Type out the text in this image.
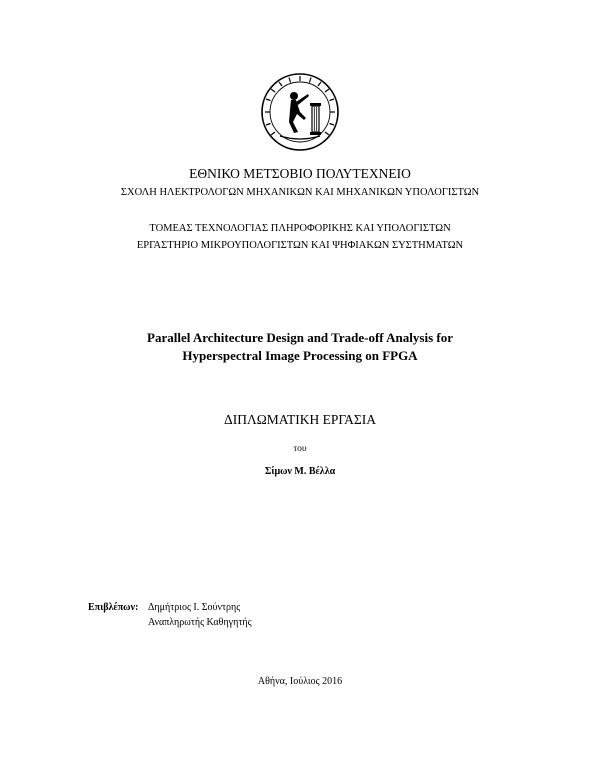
ΕΘΝΙΚΟ ΜΕΤΣΟΒΙΟ ΠΟΛΥΤΕΧΝΕΙΟ
ΣΧΟΛΗ ΗΛΕΚΤΡΟΛΟΓΩΝ ΜΗΧΑΝΙΚΩΝ ΚΑΙ ΜΗΧΑΝΙΚΩΝ ΥΠΟΛΟΓΙΣΤΩΝ
ΤΟΜΕΑΣ ΤΕΧΝΟΛΟΓΙΑΣ ΠΛΗΡΟΦΟΡΙΚΗΣ ΚΑΙ ΥΠΟΛΟΓΙΣΤΩΝ
ΕΡΓΑΣΤΗΡΙΟ ΜΙΚΡΟΥΠΟΛΟΓΙΣΤΩΝ ΚΑΙ ΨΗΦΙΑΚΩΝ ΣΥΣΤΗΜΑΤΩΝ
Parallel Architecture Design and Trade-off Analysis for
Hyperspectral Image Processing on FPGA
ΔΙΠΛΩΜΑΤΙΚΗ ΕΡΓΑΣΙΑ
του
Σίμων Μ. Βέλλα
Επιβλέπων: Δημήτριος Ι. Σούντρης
Αναπληρωτής Καθηγητής
Αθήνα, Ιούλιος 2016
